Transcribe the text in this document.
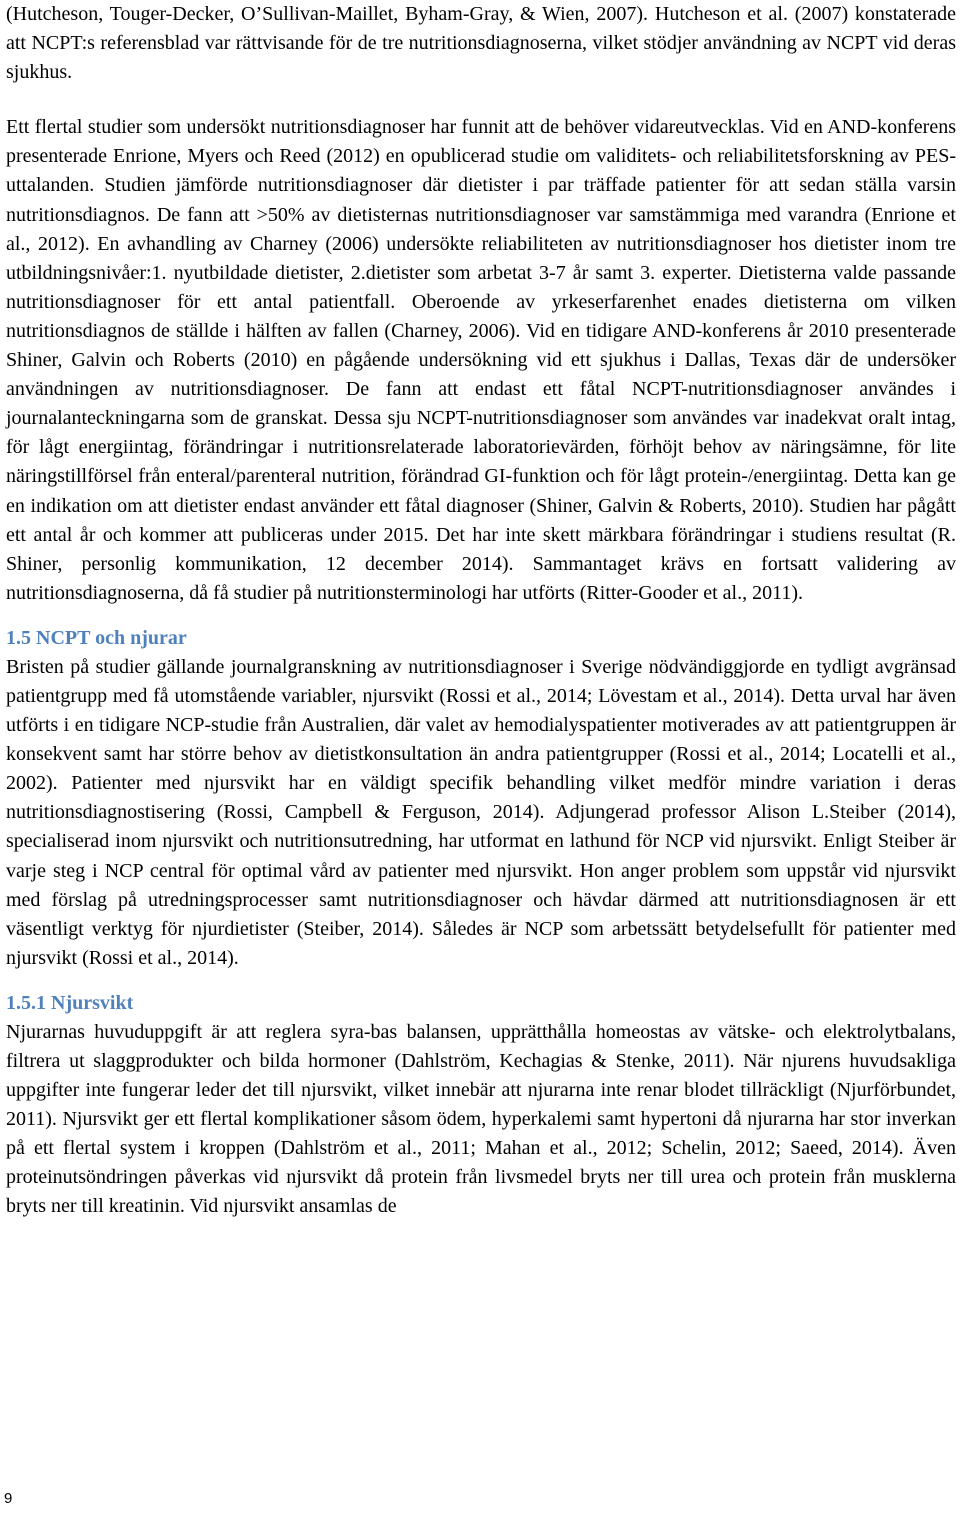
(Hutcheson, Touger-Decker, O’Sullivan-Maillet, Byham-Gray, & Wien, 2007). Hutcheson et al. (2007) konstaterade att NCPT:s referensblad var rättvisande för de tre nutritionsdiagnoserna, vilket stödjer användning av NCPT vid deras sjukhus.

Ett flertal studier som undersökt nutritionsdiagnoser har funnit att de behöver vidareutvecklas. Vid en AND-konferens presenterade Enrione, Myers och Reed (2012) en opublicerad studie om validitets- och reliabilitetsforskning av PES-uttalanden. Studien jämförde nutritionsdiagnoser där dietister i par träffade patienter för att sedan ställa varsin nutritionsdiagnos. De fann att >50% av dietisternas nutritionsdiagnoser var samstämmiga med varandra (Enrione et al., 2012). En avhandling av Charney (2006) undersökte reliabiliteten av nutritionsdiagnoser hos dietister inom tre utbildningsnivåer:1. nyutbildade dietister, 2.dietister som arbetat 3-7 år samt 3. experter. Dietisterna valde passande nutritionsdiagnoser för ett antal patientfall. Oberoende av yrkeserfarenhet enades dietisterna om vilken nutritionsdiagnos de ställde i hälften av fallen (Charney, 2006). Vid en tidigare AND-konferens år 2010 presenterade Shiner, Galvin och Roberts (2010) en pågående undersökning vid ett sjukhus i Dallas, Texas där de undersöker användningen av nutritionsdiagnoser. De fann att endast ett fåtal NCPT-nutritionsdiagnoser användes i journalanteckningarna som de granskat. Dessa sju NCPT-nutritionsdiagnoser som användes var inadekvat oralt intag, för lågt energiintag, förändringar i nutritionsrelaterade laboratorievärden, förhöjt behov av näringsämne, för lite näringstillförsel från enteral/parenteral nutrition, förändrad GI-funktion och för lågt protein-/energiintag. Detta kan ge en indikation om att dietister endast använder ett fåtal diagnoser (Shiner, Galvin & Roberts, 2010). Studien har pågått ett antal år och kommer att publiceras under 2015. Det har inte skett märkbara förändringar i studiens resultat (R. Shiner, personlig kommunikation, 12 december 2014). Sammantaget krävs en fortsatt validering av nutritionsdiagnoserna, då få studier på nutritionsterminologi har utförts (Ritter-Gooder et al., 2011).

1.5 NCPT och njurar

Bristen på studier gällande journalgranskning av nutritionsdiagnoser i Sverige nödvändiggjorde en tydligt avgränsad patientgrupp med få utomstående variabler, njursvikt (Rossi et al., 2014; Lövestam et al., 2014). Detta urval har även utförts i en tidigare NCP-studie från Australien, där valet av hemodialyspatienter motiverades av att patientgruppen är konsekvent samt har större behov av dietistkonsultation än andra patientgrupper (Rossi et al., 2014; Locatelli et al., 2002). Patienter med njursvikt har en väldigt specifik behandling vilket medför mindre variation i deras nutritionsdiagnostisering (Rossi, Campbell & Ferguson, 2014). Adjungerad professor Alison L.Steiber (2014), specialiserad inom njursvikt och nutritionsutredning, har utformat en lathund för NCP vid njursvikt. Enligt Steiber är varje steg i NCP central för optimal vård av patienter med njursvikt. Hon anger problem som uppstår vid njursvikt med förslag på utredningsprocesser samt nutritionsdiagnoser och hävdar därmed att nutritionsdiagnosen är ett väsentligt verktyg för njurdietister (Steiber, 2014). Således är NCP som arbetssätt betydelsefullt för patienter med njursvikt (Rossi et al., 2014).

1.5.1 Njursvikt

Njurarnas huvuduppgift är att reglera syra-bas balansen, upprätthålla homeostas av vätske- och elektrolytbalans, filtrera ut slaggprodukter och bilda hormoner (Dahlström, Kechagias & Stenke, 2011). När njurens huvudsakliga uppgifter inte fungerar leder det till njursvikt, vilket innebär att njurarna inte renar blodet tillräckligt (Njurförbundet, 2011). Njursvikt ger ett flertal komplikationer såsom ödem, hyperkalemi samt hypertoni då njurarna har stor inverkan på ett flertal system i kroppen (Dahlström et al., 2011; Mahan et al., 2012; Schelin, 2012; Saeed, 2014). Även proteinutsöndringen påverkas vid njursvikt då protein från livsmedel bryts ner till urea och protein från musklerna bryts ner till kreatinin. Vid njursvikt ansamlas de

9
